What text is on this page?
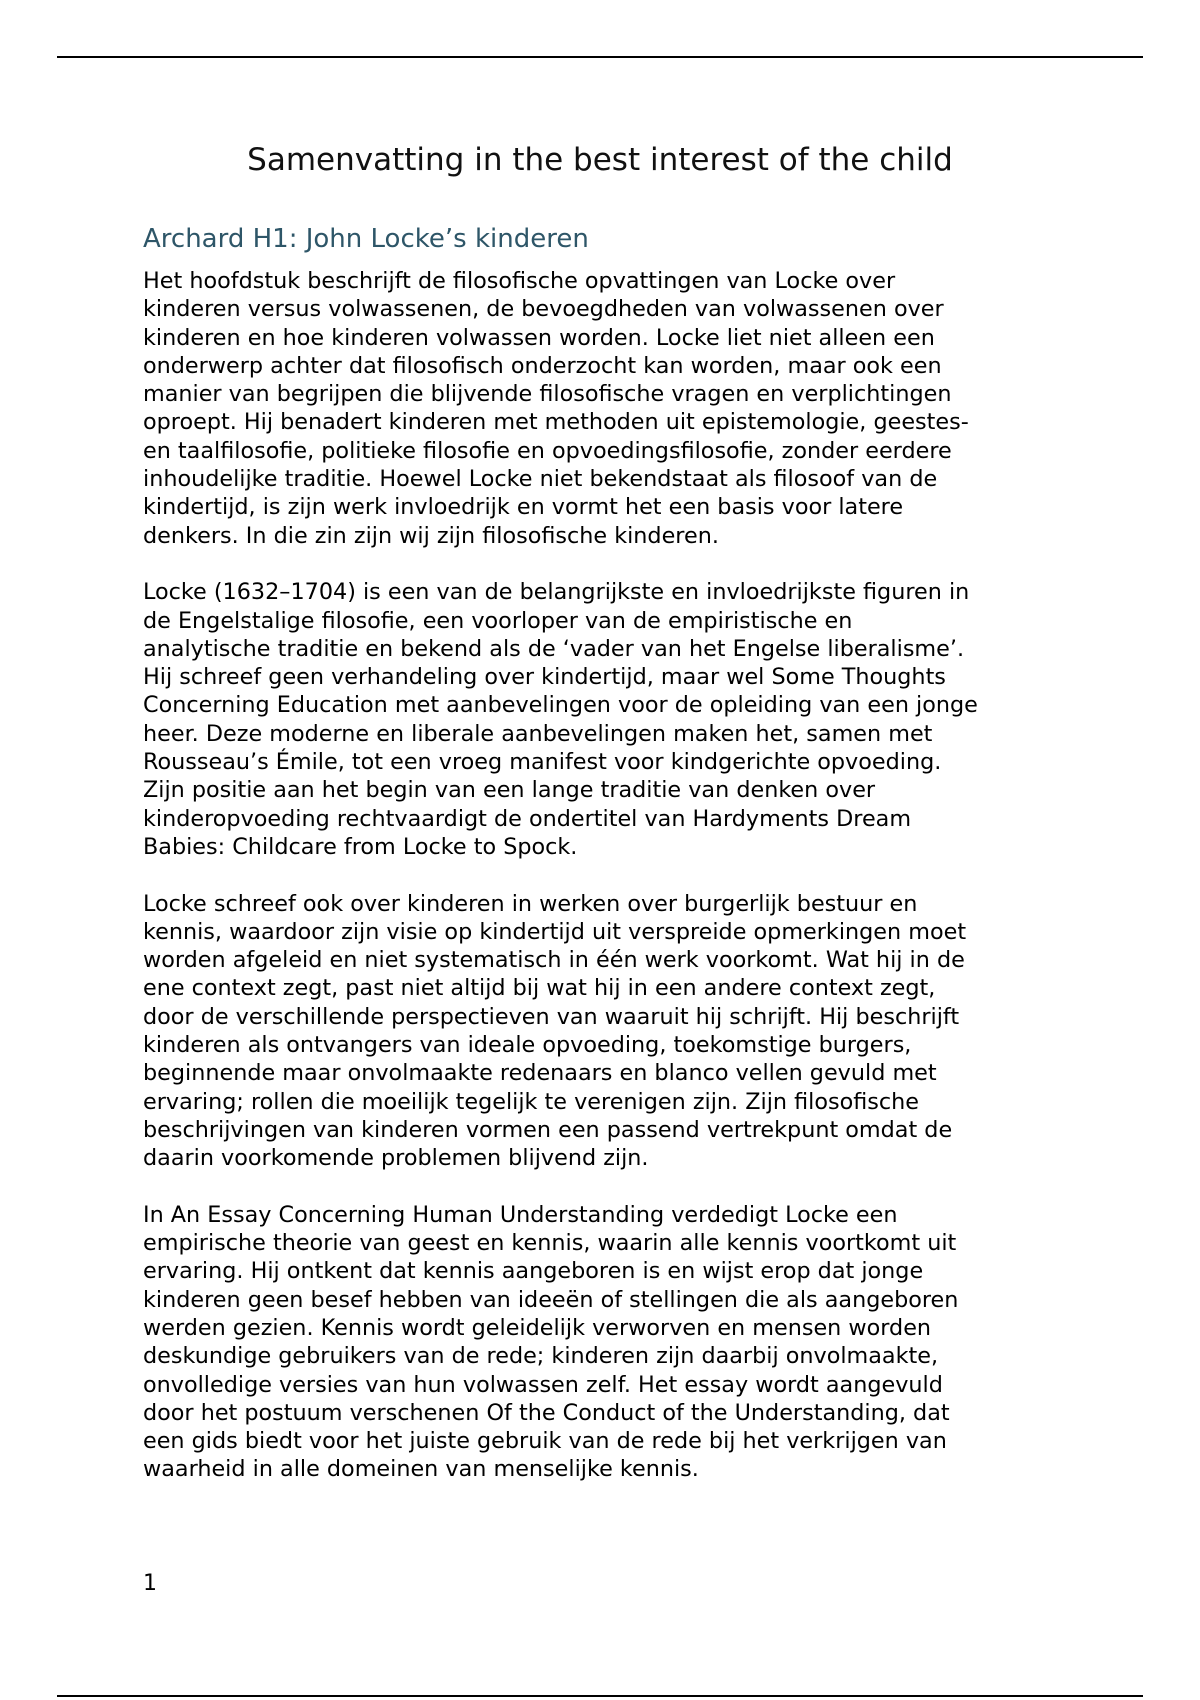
Samenvatting in the best interest of the child
Archard H1: John Locke’s kinderen

Het hoofdstuk beschrijft de filosofische opvattingen van Locke over
kinderen versus volwassenen, de bevoegdheden van volwassenen over
kinderen en hoe kinderen volwassen worden. Locke liet niet alleen een
onderwerp achter dat filosofisch onderzocht kan worden, maar ook een
manier van begrijpen die blijvende filosofische vragen en verplichtingen
oproept. Hij benadert kinderen met methoden uit epistemologie, geestes-
en taalfilosofie, politieke filosofie en opvoedingsfilosofie, zonder eerdere
inhoudelijke traditie. Hoewel Locke niet bekendstaat als filosoof van de
kindertijd, is zijn werk invloedrijk en vormt het een basis voor latere
denkers. In die zin zijn wij zijn filosofische kinderen.

Locke (1632–1704) is een van de belangrijkste en invloedrijkste figuren in
de Engelstalige filosofie, een voorloper van de empiristische en
analytische traditie en bekend als de ‘vader van het Engelse liberalisme’.
Hij schreef geen verhandeling over kindertijd, maar wel Some Thoughts
Concerning Education met aanbevelingen voor de opleiding van een jonge
heer. Deze moderne en liberale aanbevelingen maken het, samen met
Rousseau’s Émile, tot een vroeg manifest voor kindgerichte opvoeding.
Zijn positie aan het begin van een lange traditie van denken over
kinderopvoeding rechtvaardigt de ondertitel van Hardyments Dream
Babies: Childcare from Locke to Spock.

Locke schreef ook over kinderen in werken over burgerlijk bestuur en
kennis, waardoor zijn visie op kindertijd uit verspreide opmerkingen moet
worden afgeleid en niet systematisch in één werk voorkomt. Wat hij in de
ene context zegt, past niet altijd bij wat hij in een andere context zegt,
door de verschillende perspectieven van waaruit hij schrijft. Hij beschrijft
kinderen als ontvangers van ideale opvoeding, toekomstige burgers,
beginnende maar onvolmaakte redenaars en blanco vellen gevuld met
ervaring; rollen die moeilijk tegelijk te verenigen zijn. Zijn filosofische
beschrijvingen van kinderen vormen een passend vertrekpunt omdat de
daarin voorkomende problemen blijvend zijn.

In An Essay Concerning Human Understanding verdedigt Locke een
empirische theorie van geest en kennis, waarin alle kennis voortkomt uit
ervaring. Hij ontkent dat kennis aangeboren is en wijst erop dat jonge
kinderen geen besef hebben van ideeën of stellingen die als aangeboren
werden gezien. Kennis wordt geleidelijk verworven en mensen worden
deskundige gebruikers van de rede; kinderen zijn daarbij onvolmaakte,
onvolledige versies van hun volwassen zelf. Het essay wordt aangevuld
door het postuum verschenen Of the Conduct of the Understanding, dat
een gids biedt voor het juiste gebruik van de rede bij het verkrijgen van
waarheid in alle domeinen van menselijke kennis.

1
